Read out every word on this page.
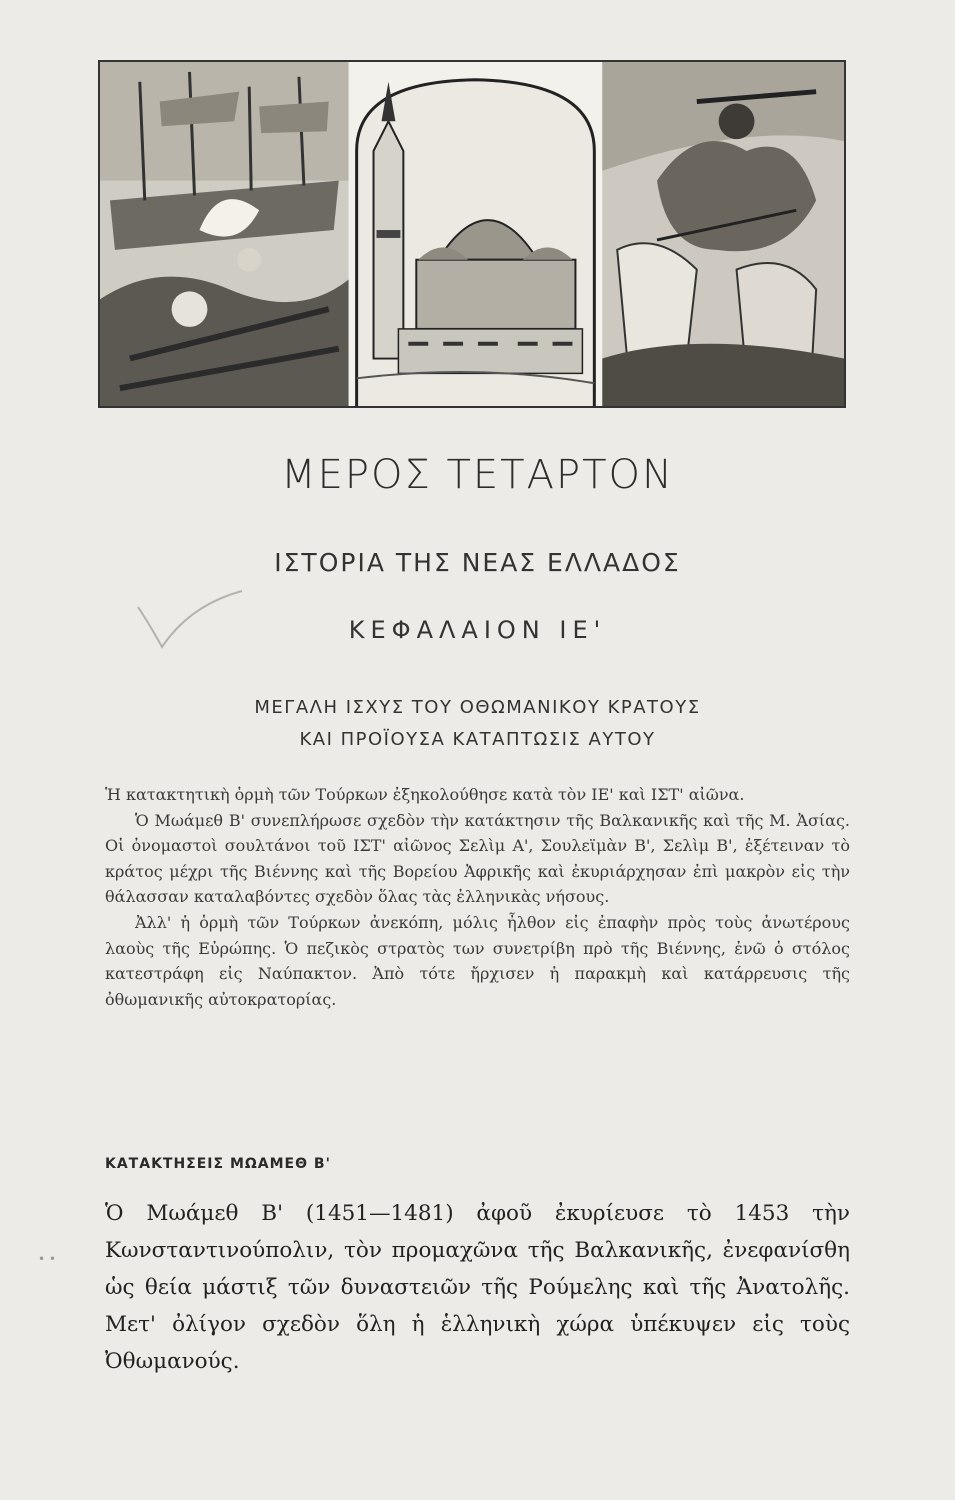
ΜΕΡΟΣ ΤΕΤΑΡΤΟΝ
ΙΣΤΟΡΙΑ ΤΗΣ ΝΕΑΣ ΕΛΛΑΔΟΣ
ΚΕΦΑΛΑΙΟΝ ΙΕ'
ΜΕΓΑΛΗ ΙΣΧΥΣ ΤΟΥ ΟΘΩΜΑΝΙΚΟΥ ΚΡΑΤΟΥΣ
ΚΑΙ ΠΡΟΪΟΥΣΑ ΚΑΤΑΠΤΩΣΙΣ ΑΥΤΟΥ

Ἡ κατακτητικὴ ὁρμὴ τῶν Τούρκων ἐξηκολούθησε κατὰ τὸν ΙΕ' καὶ ΙΣΤ' αἰῶνα.

Ὁ Μωάμεθ Β' συνεπλήρωσε σχεδὸν τὴν κατάκτησιν τῆς Βαλκανικῆς καὶ τῆς Μ. Ἀσίας. Οἱ ὀνομαστοὶ σουλτάνοι τοῦ ΙΣΤ' αἰῶνος Σελὶμ Α', Σουλεϊμὰν Β', Σελὶμ Β', ἐξέτειναν τὸ κράτος μέχρι τῆς Βιέννης καὶ τῆς Βορείου Ἀφρικῆς καὶ ἐκυριάρχησαν ἐπὶ μακρὸν εἰς τὴν θάλασσαν καταλαβόντες σχεδὸν ὅλας τὰς ἑλληνικὰς νήσους.

Ἀλλ' ἡ ὁρμὴ τῶν Τούρκων ἀνεκόπη, μόλις ἦλθον εἰς ἐπαφὴν πρὸς τοὺς ἀνωτέρους λαοὺς τῆς Εὐρώπης. Ὁ πεζικὸς στρατὸς των συνετρίβη πρὸ τῆς Βιέννης, ἐνῶ ὁ στόλος κατεστράφη εἰς Ναύπακτον. Ἀπὸ τότε ἤρχισεν ἡ παρακμὴ καὶ κατάρρευσις τῆς ὀθωμανικῆς αὐτοκρατορίας.

ΚΑΤΑΚΤΗΣΕΙΣ ΜΩΑΜΕΘ Β'

Ὁ Μωάμεθ Β' (1451—1481) ἀφοῦ ἐκυρίευσε τὸ 1453 τὴν Κωνσταντινούπολιν, τὸν προμαχῶνα τῆς Βαλκανικῆς, ἐνεφανίσθη ὡς θεία μάστιξ τῶν δυναστειῶν τῆς Ρούμελης καὶ τῆς Ἀνατολῆς. Μετ' ὀλίγον σχεδὸν ὅλη ἡ ἑλληνικὴ χώρα ὑπέκυψεν εἰς τοὺς Ὀθωμανούς.

• •
